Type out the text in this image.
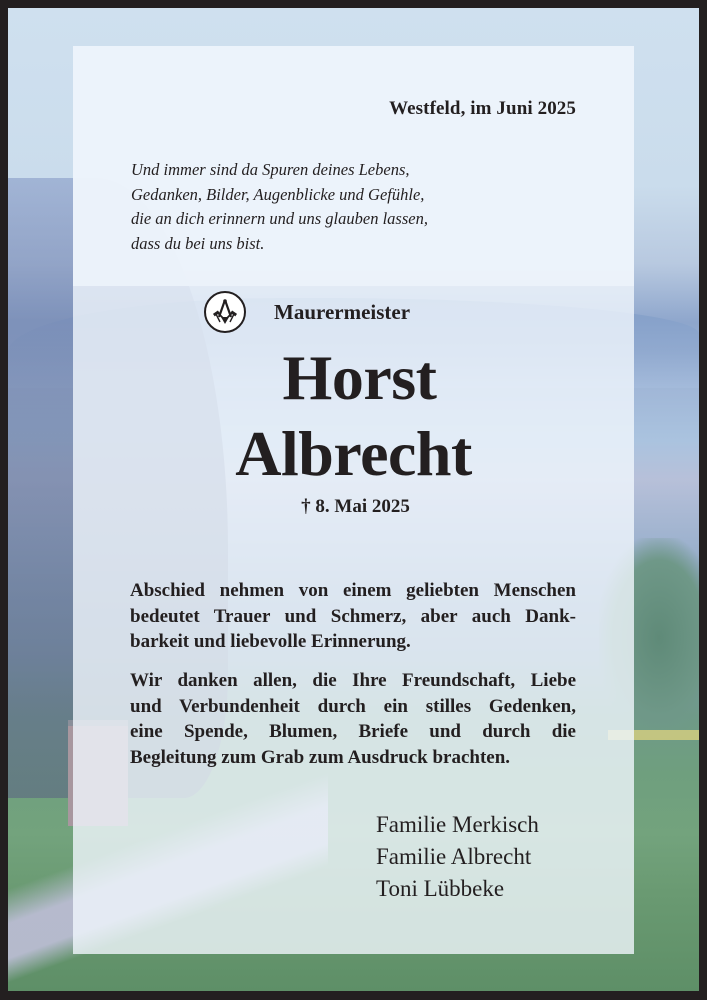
Westfeld, im Juni 2025
Und immer sind da Spuren deines Lebens,
Gedanken, Bilder, Augenblicke und Gefühle,
die an dich erinnern und uns glauben lassen,
dass du bei uns bist.
Maurermeister
Horst
Albrecht
† 8. Mai 2025
Abschied nehmen von einem geliebten Menschen
bedeutet Trauer und Schmerz, aber auch Dank-
barkeit und liebevolle Erinnerung.
Wir danken allen, die Ihre Freundschaft, Liebe
und Verbundenheit durch ein stilles Gedenken,
eine Spende, Blumen, Briefe und durch die
Begleitung zum Grab zum Ausdruck brachten.
Familie Merkisch
Familie Albrecht
Toni Lübbeke
